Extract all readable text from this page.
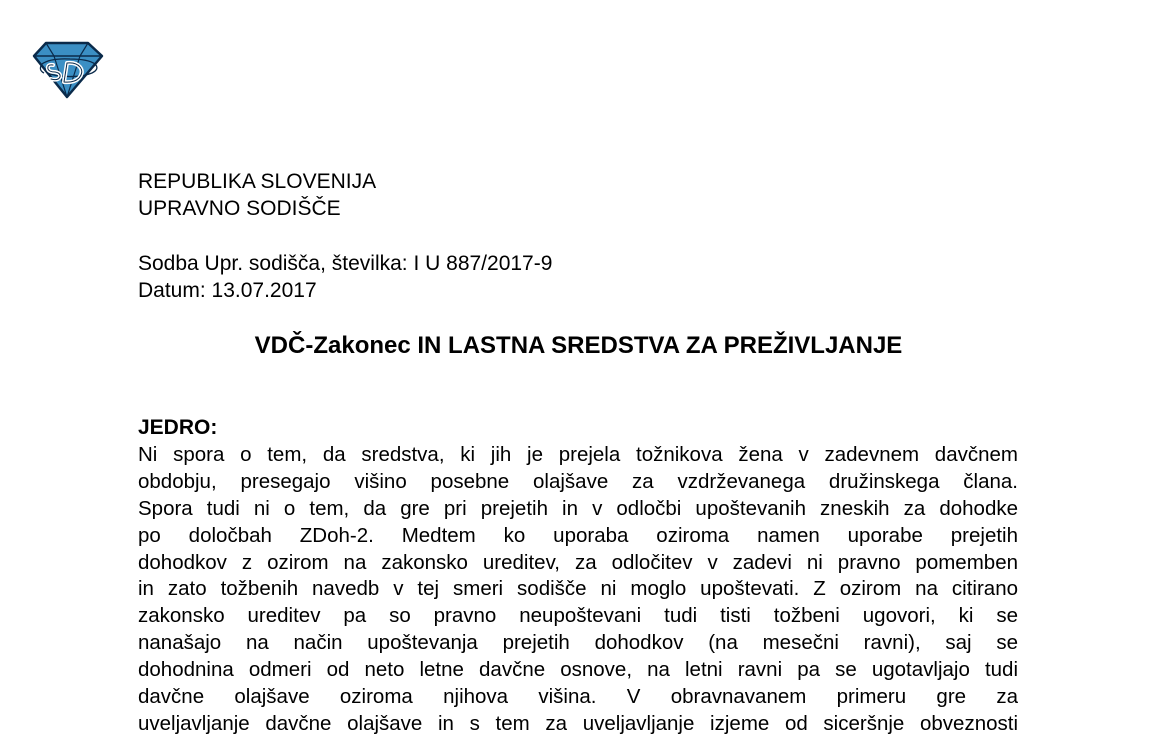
REPUBLIKA SLOVENIJA
UPRAVNO SODIŠČE
Sodba Upr. sodišča, številka: I U 887/2017-9
Datum: 13.07.2017
VDČ-Zakonec IN LASTNA SREDSTVA ZA PREŽIVLJANJE
JEDRO:
Ni spora o tem, da sredstva, ki jih je prejela tožnikova žena v zadevnem davčnem
obdobju, presegajo višino posebne olajšave za vzdrževanega družinskega člana.
Spora tudi ni o tem, da gre pri prejetih in v odločbi upoštevanih zneskih za dohodke
po določbah ZDoh-2. Medtem ko uporaba oziroma namen uporabe prejetih
dohodkov z ozirom na zakonsko ureditev, za odločitev v zadevi ni pravno pomemben
in zato tožbenih navedb v tej smeri sodišče ni moglo upoštevati. Z ozirom na citirano
zakonsko ureditev pa so pravno neupoštevani tudi tisti tožbeni ugovori, ki se
nanašajo na način upoštevanja prejetih dohodkov (na mesečni ravni), saj se
dohodnina odmeri od neto letne davčne osnove, na letni ravni pa se ugotavljajo tudi
davčne olajšave oziroma njihova višina. V obravnavanem primeru gre za
uveljavljanje davčne olajšave in s tem za uveljavljanje izjeme od siceršnje obveznosti
